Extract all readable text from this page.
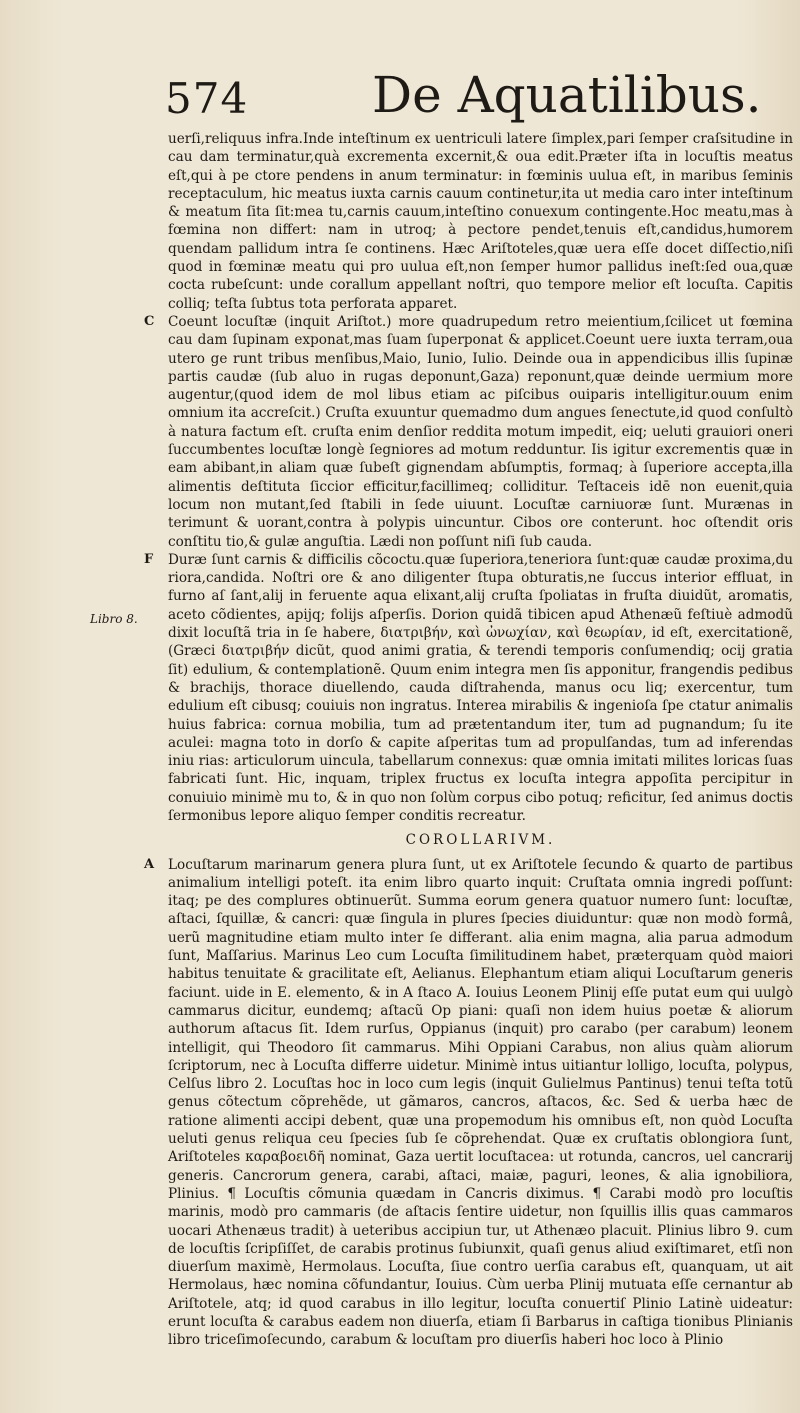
574 De Aquatilibus.

uerſi,reliquus infra.Inde inteſtinum ex uentriculi latere ſimplex,pari ſemper craſsitudine in cau dam terminatur,quà excrementa excernit,& oua edit.Præter iſta in locuſtis meatus eſt,qui à pe ctore pendens in anum terminatur: in fœminis uulua eſt, in maribus ſeminis receptaculum, hic meatus iuxta carnis cauum continetur,ita ut media caro inter inteſtinum & meatum ſita ſit:mea tu,carnis cauum,inteſtino conuexum contingente.Hoc meatu,mas à fœmina non differt: nam in utroq; à pectore pendet,tenuis eſt,candidus,humorem quendam pallidum intra ſe continens. Hæc Ariſtoteles,quæ uera eſſe docet diſſectio,niſi quod in fœminæ meatu qui pro uulua eſt,non ſemper humor pallidus ineſt:ſed oua,quæ cocta rubeſcunt: unde corallum appellant noſtri, quo tempore melior eſt locuſta. Capitis colliq; teſta ſubtus tota perforata apparet.

C Coeunt locuſtæ (inquit Ariſtot.) more quadrupedum retro meientium,ſcilicet ut fœmina cau dam ſupinam exponat,mas ſuam ſuperponat & applicet.Coeunt uere iuxta terram,oua utero ge runt tribus menſibus,Maio, Iunio, Iulio. Deinde oua in appendicibus illis ſupinæ partis caudæ (ſub aluo in rugas deponunt,Gaza) reponunt,quæ deinde uermium more augentur,(quod idem de mol libus etiam ac piſcibus ouiparis intelligitur.ouum enim omnium ita accreſcit.) Cruſta exuuntur quemadmo dum angues ſenectute,id quod conſultò à natura factum eſt. cruſta enim denſior reddita motum impedit, eiq; ueluti grauiori oneri ſuccumbentes locuſtæ longè ſegniores ad motum redduntur. Iis igitur excrementis quæ in eam abibant,in aliam quæ ſubeſt gignendam abſumptis, formaq; à ſuperiore accepta,illa alimentis deſtituta ſiccior efficitur,facillimeq; colliditur. Teſtaceis idē non euenit,quia locum non mutant,ſed ſtabili in ſede uiuunt. Locuſtæ carniuoræ ſunt. Murænas in terimunt & uorant,contra à polypis uincuntur. Cibos ore conterunt. hoc oſtendit oris conſtitu tio,& gulæ anguſtia. Lædi non poſſunt niſi ſub cauda.

F
Libro 8.

Duræ ſunt carnis & difficilis cõcoctu.quæ ſuperiora,teneriora ſunt:quæ caudæ proxima,du riora,candida. Noſtri ore & ano diligenter ſtupa obturatis,ne ſuccus interior effluat, in furno aſ ſant,alij in feruente aqua elixant,alij cruſta ſpoliatas in fruſta diuidũt, aromatis, aceto cõdientes, apijq; folijs aſperſis. Dorion quidã tibicen apud Athenæũ feſtiuè admodũ dixit locuſtã tria in ſe habere, διατριβήν, καὶ ὠνωχίαν, καὶ θεωρίαν, id eſt, exercitationẽ, (Græci διατριβήν dicũt, quod animi gratia, & terendi temporis conſumendiq; ocij gratia ſit) edulium, & contemplationẽ. Quum enim integra men ſis apponitur, frangendis pedibus & brachijs, thorace diuellendo, cauda diſtrahenda, manus ocu liq; exercentur, tum edulium eſt cibusq; couiuis non ingratus. Interea mirabilis & ingenioſa ſpe ctatur animalis huius fabrica: cornua mobilia, tum ad prætentandum iter, tum ad pugnandum; ſu ite aculei: magna toto in dorſo & capite aſperitas tum ad propulſandas, tum ad inferendas iniu rias: articulorum uincula, tabellarum connexus: quæ omnia imitati milites loricas ſuas fabricati ſunt. Hic, inquam, triplex fructus ex locuſta integra appoſita percipitur in conuiuio minimè mu to, & in quo non ſolùm corpus cibo potuq; reficitur, ſed animus doctis ſermonibus lepore aliquo ſemper conditis recreatur.

COROLLARIVM.
A Locuſtarum marinarum genera plura ſunt, ut ex Ariſtotele ſecundo & quarto de partibus animalium intelligi poteſt. ita enim libro quarto inquit: Cruſtata omnia ingredi poſſunt: itaq; pe des complures obtinuerũt. Summa eorum genera quatuor numero ſunt: locuſtæ, aſtaci, ſquillæ, & cancri: quæ ſingula in plures ſpecies diuiduntur: quæ non modò formâ, uerũ magnitudine etiam multo inter ſe differant. alia enim magna, alia parua admodum ſunt, Maſſarius. Marinus Leo cum Locuſta ſimilitudinem habet, præterquam quòd maiori habitus tenuitate & gracilitate eſt, Aelianus. Elephantum etiam aliqui Locuſtarum generis faciunt. uide in E. elemento, & in A ſtaco A. Iouius Leonem Plinij eſſe putat eum qui uulgò cammarus dicitur, eundemq; aſtacũ Op piani: quaſi non idem huius poetæ & aliorum authorum aſtacus ſit. Idem rurſus, Oppianus (inquit) pro carabo (per carabum) leonem intelligit, qui Theodoro ſit cammarus. Mihi Oppiani Carabus, non alius quàm aliorum ſcriptorum, nec à Locuſta differre uidetur. Minimè intus uitiantur lolligo, locuſta, polypus, Celſus libro 2. Locuſtas hoc in loco cum legis (inquit Gulielmus Pantinus) tenui teſta totũ genus cõtectum cõprehẽde, ut gãmaros, cancros, aſtacos, &c. Sed & uerba hæc de ratione alimenti accipi debent, quæ una propemodum his omnibus eſt, non quòd Locuſta ueluti genus reliqua ceu ſpecies ſub ſe cõprehendat. Quæ ex cruſtatis oblongiora ſunt, Ariſtoteles καραβοειδῆ nominat, Gaza uertit locuſtacea: ut rotunda, cancros, uel cancrarij generis. Cancrorum genera, carabi, aſtaci, maiæ, paguri, leones, & alia ignobiliora, Plinius. ¶ Locuſtis cõmunia quædam in Cancris diximus. ¶ Carabi modò pro locuſtis marinis, modò pro cammaris (de aſtacis ſentire uidetur, non ſquillis illis quas cammaros uocari Athenæus tradit) à ueteribus accipiun tur, ut Athenæo placuit. Plinius libro 9. cum de locuſtis ſcripſiſſet, de carabis protinus ſubiunxit, quaſi genus aliud exiſtimaret, etſi non diuerſum maximè, Hermolaus. Locuſta, ſiue contro uerſia carabus eſt, quanquam, ut ait Hermolaus, hæc nomina cõfundantur, Iouius. Cùm uerba Plinij mutuata eſſe cernantur ab Ariſtotele, atq; id quod carabus in illo legitur, locuſta conuertiſ Plinio Latinè uideatur: erunt locuſta & carabus eadem non diuerſa, etiam ſi Barbarus in caſtiga tionibus Plinianis libro triceſimoſecundo, carabum & locuſtam pro diuerſis haberi hoc loco à Plinio
